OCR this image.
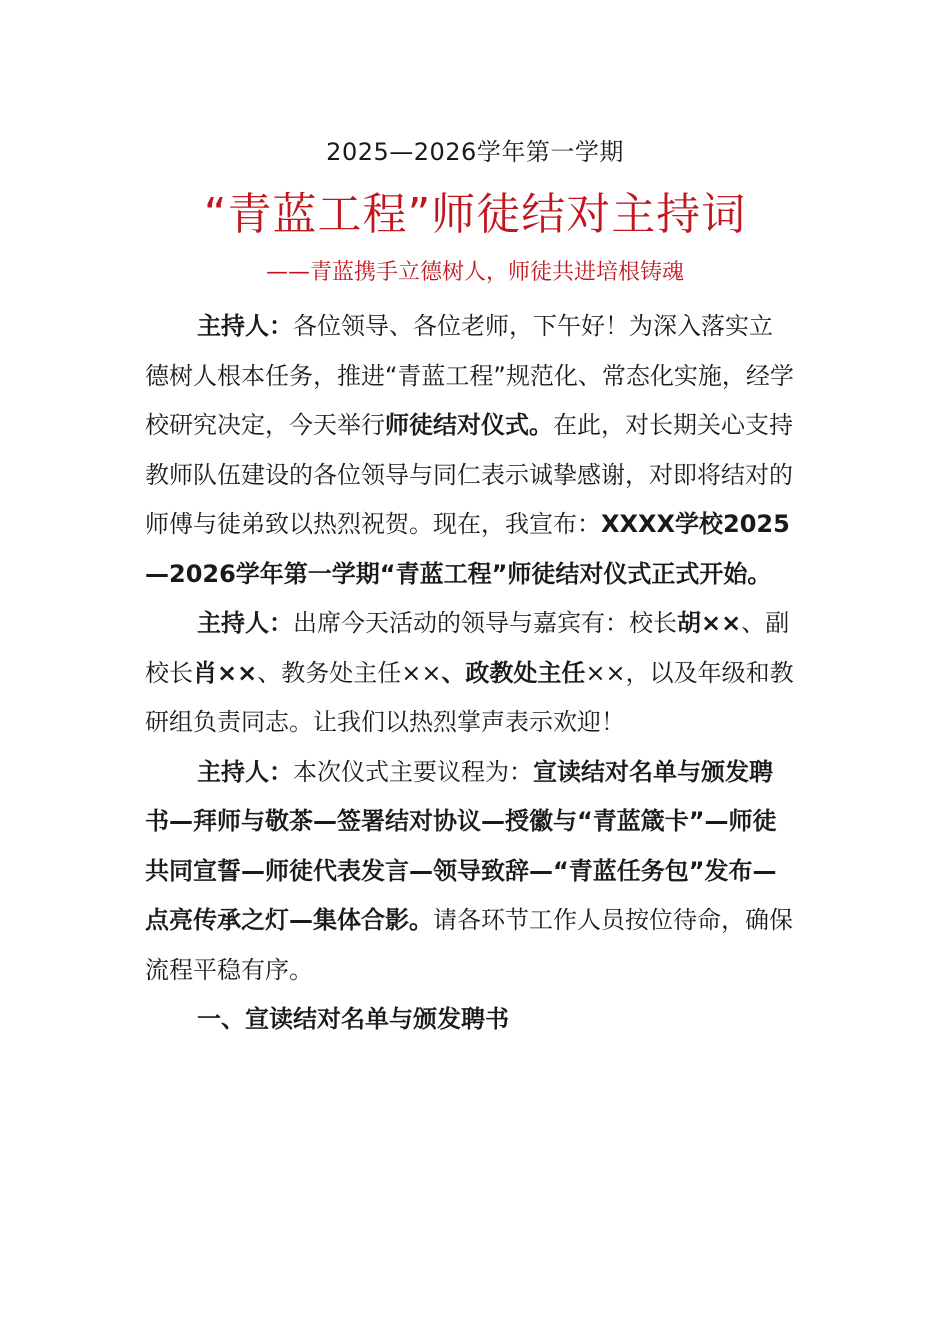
2025—2026学年第一学期
“青蓝工程”师徒结对主持词
——青蓝携手立德树人，师徒共进培根铸魂

主持人：各位领导、各位老师，下午好！为深入落实立德树人根本任务，推进“青蓝工程”规范化、常态化实施，经学校研究决定，今天举行师徒结对仪式。在此，对长期关心支持教师队伍建设的各位领导与同仁表示诚挚感谢，对即将结对的师傅与徒弟致以热烈祝贺。现在，我宣布：XXXX学校2025—2026学年第一学期“青蓝工程”师徒结对仪式正式开始。

主持人：出席今天活动的领导与嘉宾有：校长胡××、副校长肖××、教务处主任××、政教处主任××，以及年级和教研组负责同志。让我们以热烈掌声表示欢迎！

主持人：本次仪式主要议程为：宣读结对名单与颁发聘书—拜师与敬茶—签署结对协议—授徽与“青蓝箴卡”—师徒共同宣誓—师徒代表发言—领导致辞—“青蓝任务包”发布—点亮传承之灯—集体合影。请各环节工作人员按位待命，确保流程平稳有序。

一、宣读结对名单与颁发聘书
